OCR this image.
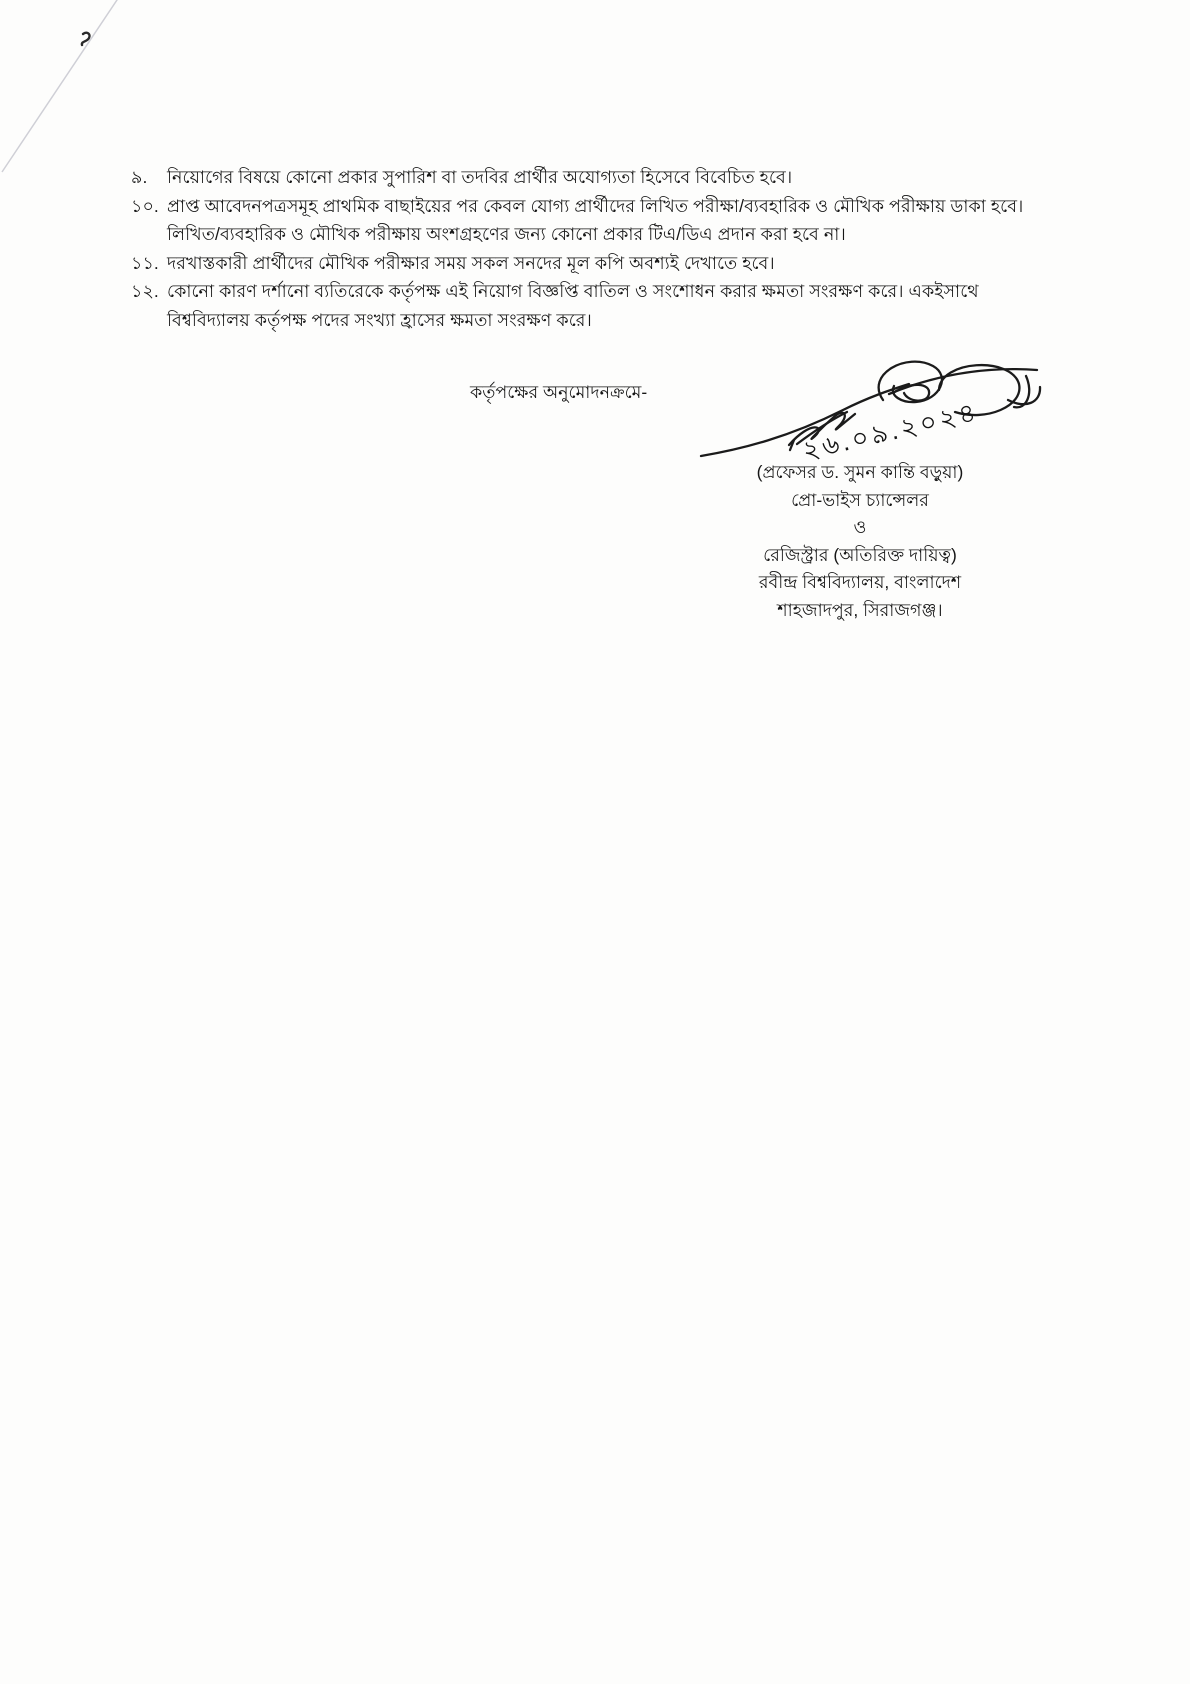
৯.	নিয়োগের বিষয়ে কোনো প্রকার সুপারিশ বা তদবির প্রার্থীর অযোগ্যতা হিসেবে বিবেচিত হবে।
১০. প্রাপ্ত আবেদনপত্রসমূহ প্রাথমিক বাছাইয়ের পর কেবল যোগ্য প্রার্থীদের লিখিত পরীক্ষা/ব্যবহারিক ও মৌখিক পরীক্ষায় ডাকা হবে।
লিখিত/ব্যবহারিক ও মৌখিক পরীক্ষায় অংশগ্রহণের জন্য কোনো প্রকার টিএ/ডিএ প্রদান করা হবে না।
১১. দরখাস্তকারী প্রার্থীদের মৌখিক পরীক্ষার সময় সকল সনদের মূল কপি অবশ্যই দেখাতে হবে।
১২. কোনো কারণ দর্শানো ব্যতিরেকে কর্তৃপক্ষ এই নিয়োগ বিজ্ঞপ্তি বাতিল ও সংশোধন করার ক্ষমতা সংরক্ষণ করে। একইসাথে
বিশ্ববিদ্যালয় কর্তৃপক্ষ পদের সংখ্যা হ্রাসের ক্ষমতা সংরক্ষণ করে।
কর্তৃপক্ষের অনুমোদনক্রমে-
২৬.০৯.২০২৪
(প্রফেসর ড. সুমন কান্তি বড়ুয়া)
প্রো-ভাইস চ্যান্সেলর
ও
রেজিস্ট্রার (অতিরিক্ত দায়িত্ব)
রবীন্দ্র বিশ্ববিদ্যালয়, বাংলাদেশ
শাহজাদপুর, সিরাজগঞ্জ।
